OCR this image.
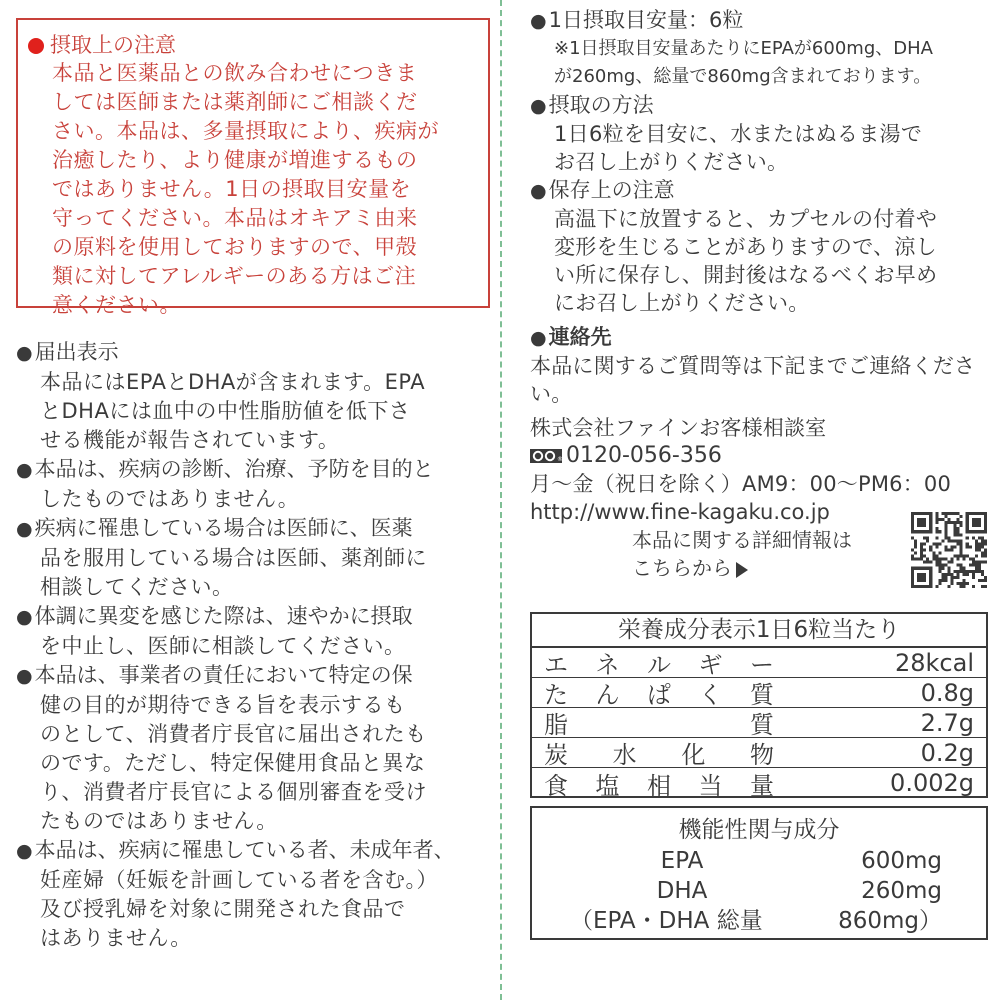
摂取上の注意
本品と医薬品との飲み合わせにつきま
しては医師または薬剤師にご相談くだ
さい。本品は、多量摂取により、疾病が
治癒したり、より健康が増進するもの
ではありません。1日の摂取目安量を
守ってください。本品はオキアミ由来
の原料を使用しておりますので、甲殻
類に対してアレルギーのある方はご注
意ください。
● 届出表示
本品にはEPAとDHAが含まれます。EPA
とDHAには血中の中性脂肪値を低下さ
せる機能が報告されています。
● 本品は、疾病の診断、治療、予防を目的と
したものではありません。
● 疾病に罹患している場合は医師に、医薬
品を服用している場合は医師、薬剤師に
相談してください。
● 体調に異変を感じた際は、速やかに摂取
を中止し、医師に相談してください。
● 本品は、事業者の責任において特定の保
健の目的が期待できる旨を表示するも
のとして、消費者庁長官に届出されたも
のです。ただし、特定保健用食品と異な
り、消費者庁長官による個別審査を受け
たものではありません。
● 本品は、疾病に罹患している者、未成年者、
妊産婦（妊娠を計画している者を含む。）
及び授乳婦を対象に開発された食品で
はありません。
● 1日摂取目安量：6粒
※1日摂取目安量あたりにEPAが600mg、DHA
が260mg、総量で860mg含まれております。
● 摂取の方法
1日6粒を目安に、水またはぬるま湯で
お召し上がりください。
● 保存上の注意
高温下に放置すると、カプセルの付着や
変形を生じることがありますので、涼し
い所に保存し、開封後はなるべくお早め
にお召し上がりください。
● 連絡先
本品に関するご質問等は下記までご連絡ください。
株式会社ファインお客様相談室
® 0120-056-356
月〜金（祝日を除く）AM9：00〜PM6：00
http://www.fine-kagaku.co.jp
本品に関する詳細情報は
こちらから
栄養成分表示1日6粒当たり
エ ネ ル ギ ー	28kcal
た ん ぱ く 質	0.8g
脂	質	2.7g
炭 水 化 物	0.2g
食 塩 相 当 量	0.002g
機能性関与成分
EPA	600mg
DHA	260mg
（EPA・DHA 総量	860mg）
